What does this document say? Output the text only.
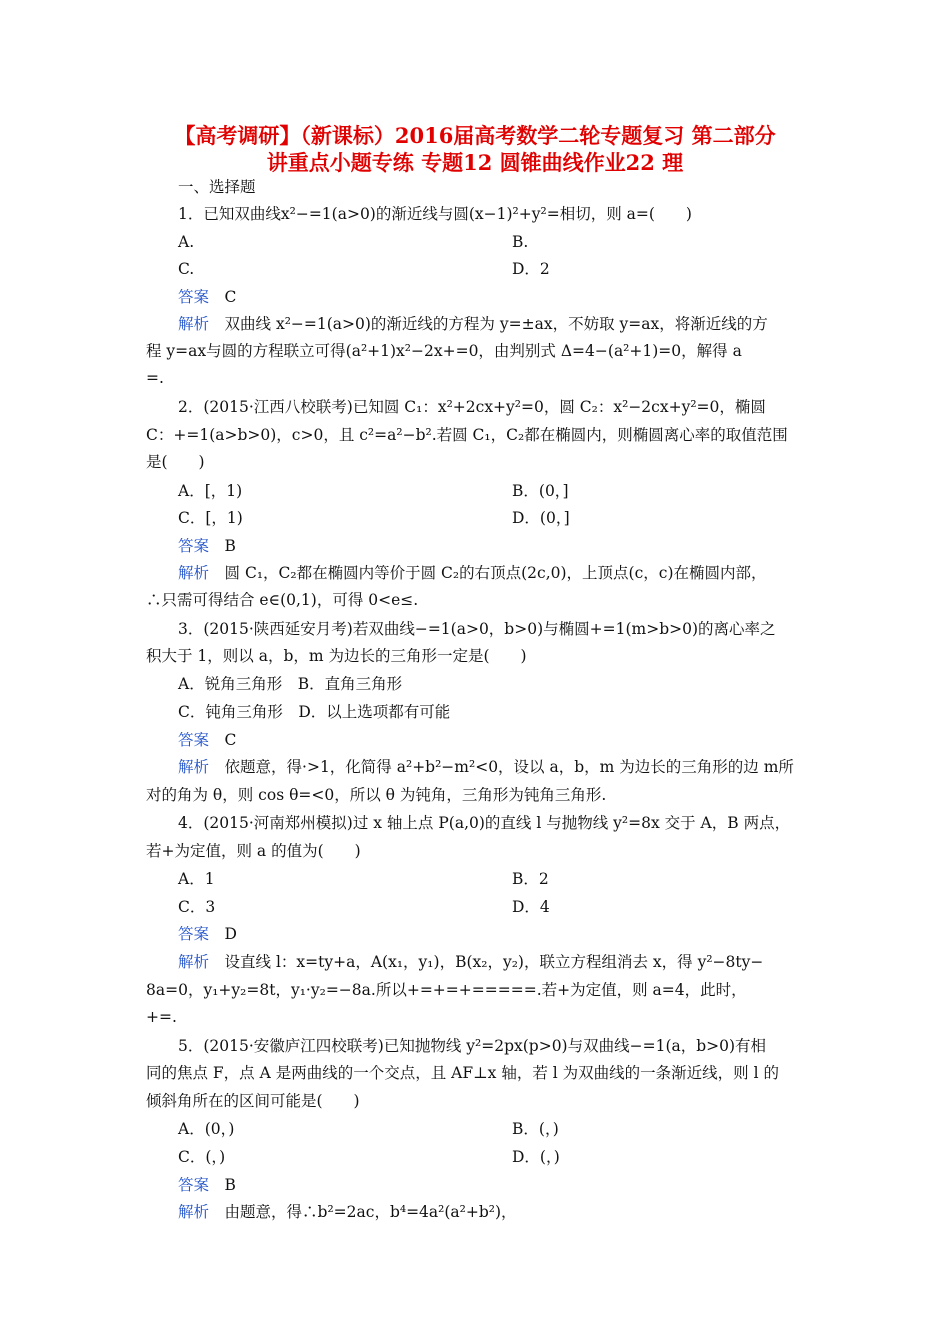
【高考调研】（新课标）2016届高考数学二轮专题复习 第二部分
讲重点小题专练 专题12 圆锥曲线作业22 理
一、选择题
1．已知双曲线x²−=1(a>0)的渐近线与圆(x−1)²+y²=相切，则 a=(　　)
A.	B.
C.	D．2
答案　 C
解析　 双曲线 x²−=1(a>0)的渐近线的方程为 y=±ax，不妨取 y=ax，将渐近线的方
程 y=ax与圆的方程联立可得(a²+1)x²−2x+=0，由判别式 Δ=4−(a²+1)=0，解得 a
=.
2．(2015·江西八校联考)已知圆 C₁：x²+2cx+y²=0，圆 C₂：x²−2cx+y²=0，椭圆
C：+=1(a>b>0)，c>0，且 c²=a²−b².若圆 C₁，C₂都在椭圆内，则椭圆离心率的取值范围
是(　　)
A．[，1)	B．(0，]
C．[，1)	D．(0，]
答案　 B
解析　 圆 C₁，C₂都在椭圆内等价于圆 C₂的右顶点(2c,0)，上顶点(c，c)在椭圆内部，
∴只需可得结合 e∈(0,1)，可得 0<e≤.
3．(2015·陕西延安月考)若双曲线−=1(a>0，b>0)与椭圆+=1(m>b>0)的离心率之
积大于 1，则以 a，b，m 为边长的三角形一定是(　　)
A．锐角三角形　B．直角三角形
C．钝角三角形　D．以上选项都有可能
答案　 C
解析　 依题意，得·>1，化简得 a²+b²−m²<0，设以 a，b，m 为边长的三角形的边 m所
对的角为 θ，则 cos θ=<0，所以 θ 为钝角，三角形为钝角三角形.
4．(2015·河南郑州模拟)过 x 轴上点 P(a,0)的直线 l 与抛物线 y²=8x 交于 A，B 两点，
若+为定值，则 a 的值为(　　)
A．1	B．2
C．3	D．4
答案　 D
解析　 设直线 l：x=ty+a，A(x₁，y₁)，B(x₂，y₂)，联立方程组消去 x，得 y²−8ty−
8a=0，y₁+y₂=8t，y₁·y₂=−8a.所以+=+=+=====.若+为定值，则 a=4，此时，
+=.
5．(2015·安徽庐江四校联考)已知抛物线 y²=2px(p>0)与双曲线−=1(a，b>0)有相
同的焦点 F，点 A 是两曲线的一个交点，且 AF⊥x 轴，若 l 为双曲线的一条渐近线，则 l 的
倾斜角所在的区间可能是(　　)
A．(0，)	B．(，)
C．(，)	D．(，)
答案　 B
解析　 由题意，得∴b²=2ac，b⁴=4a²(a²+b²)，
